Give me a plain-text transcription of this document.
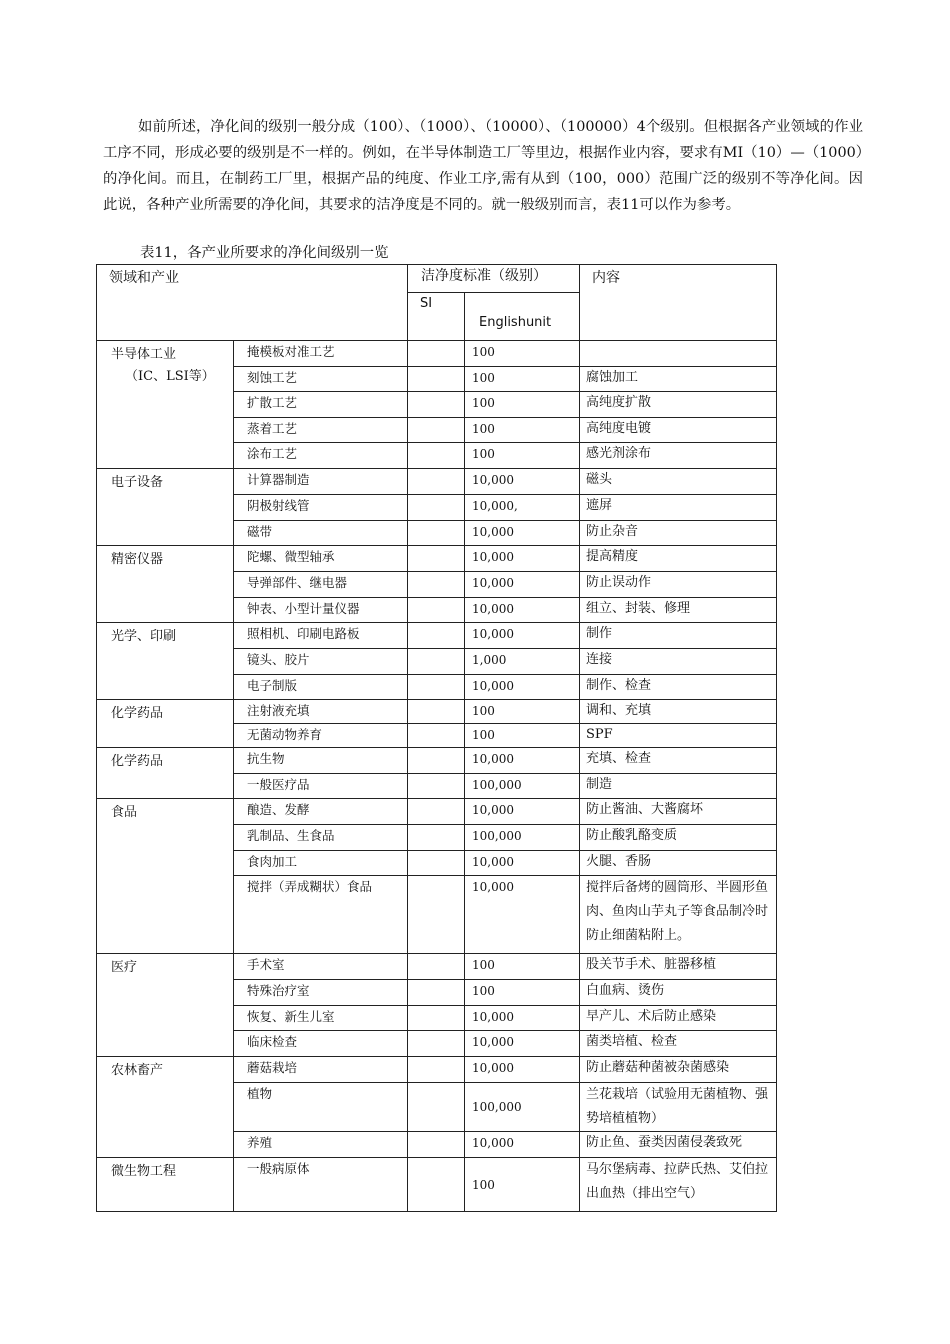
如前所述，净化间的级别一般分成（100）、（1000）、（10000）、（100000）4个级别。但根据各产业领域的作业工序不同，形成必要的级别是不一样的。例如，在半导体制造工厂等里边，根据作业内容，要求有MI（10）—（1000）的净化间。而且，在制药工厂里，根据产品的纯度、作业工序,需有从到（100，000）范围广泛的级别不等净化间。因此说，各种产业所需要的净化间，其要求的洁净度是不同的。就一般级别而言，表11可以作为参考。

表11，各产业所要求的净化间级别一览
领域和产业		洁净度标准（级别）		内容
		SI	Englishunit	
半导体工业
（IC、LSI等）	掩模板对准工艺		100	
	刻蚀工艺		100	腐蚀加工
	扩散工艺		100	高纯度扩散
	蒸着工艺		100	高纯度电镀
	涂布工艺		100	感光剂涂布
电子设备	计算器制造		10,000	磁头
	阴极射线管		10,000,	遮屏
	磁带		10,000	防止杂音
精密仪器	陀螺、微型轴承		10,000	提高精度
	导弹部件、继电器		10,000	防止误动作
	钟表、小型计量仪器		10,000	组立、封装、修理
光学、印刷	照相机、印刷电路板		10,000	制作
	镜头、胶片		1,000	连接
	电子制版		10,000	制作、检查
化学药品	注射液充填		100	调和、充填
	无菌动物养育		100	SPF
化学药品	抗生物		10,000	充填、检查
	一般医疗品		100,000	制造
食品	酿造、发酵		10,000	防止酱油、大酱腐坏
	乳制品、生食品		100,000	防止酸乳酪变质
	食肉加工		10,000	火腿、香肠
	搅拌（弄成糊状）食品		10,000	搅拌后备烤的圆筒形、半圆形鱼肉、鱼肉山芋丸子等食品制冷时防止细菌粘附上。
医疗	手术室		100	股关节手术、脏器移植
	特殊治疗室		100	白血病、烫伤
	恢复、新生儿室		10,000	早产儿、术后防止感染
	临床检查		10,000	菌类培植、检查
农林畜产	蘑菇栽培		10,000	防止蘑菇种菌被杂菌感染
	植物		100,000	兰花栽培（试验用无菌植物、强势培植植物）
	养殖		10,000	防止鱼、蚕类因菌侵袭致死
微生物工程	一般病原体		100	马尔堡病毒、拉萨氏热、艾伯拉出血热（排出空气）
